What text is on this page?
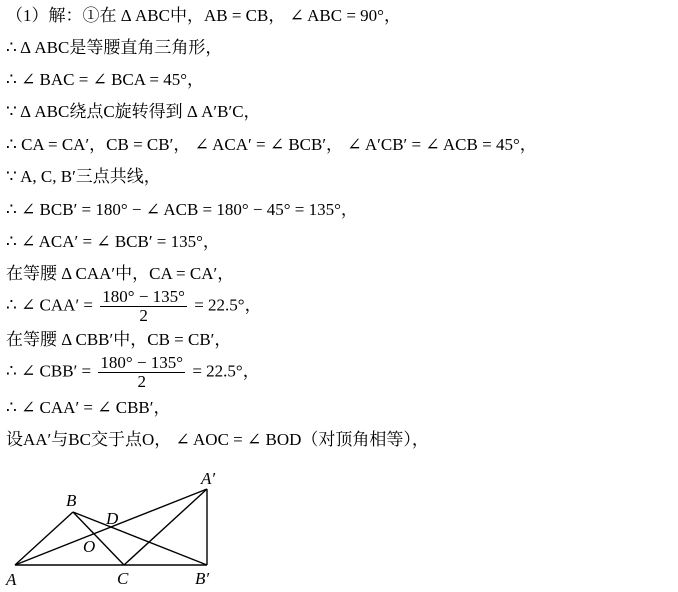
（1）解：①在 Δ ABC中，AB = CB， ∠ ABC = 90°，
∴ Δ ABC是等腰直角三角形，
∴ ∠ BAC = ∠ BCA = 45°，
∵ Δ ABC绕点C旋转得到 Δ A′B′C，
∴ CA = CA′，CB = CB′， ∠ ACA′ = ∠ BCB′， ∠ A′CB′ = ∠ ACB = 45°，
∵ A, C, B′三点共线，
∴ ∠ BCB′ = 180° − ∠ ACB = 180° − 45° = 135°，
∴ ∠ ACA′ = ∠ BCB′ = 135°，
在等腰 Δ CAA′中，CA = CA′，
∴ ∠ $CAA' = \frac{180^\circ - 135^\circ}{2} = 22.5^\circ$，
在等腰 Δ CBB′中，CB = CB′，
∴ ∠ $CBB' = \frac{180^\circ - 135^\circ}{2} = 22.5^\circ$，
∴ ∠ CAA′ = ∠ CBB′，
设AA′与BC交于点O， ∠ AOC = ∠ BOD（对顶角相等），
A
B
C
D
O
A′
B′
